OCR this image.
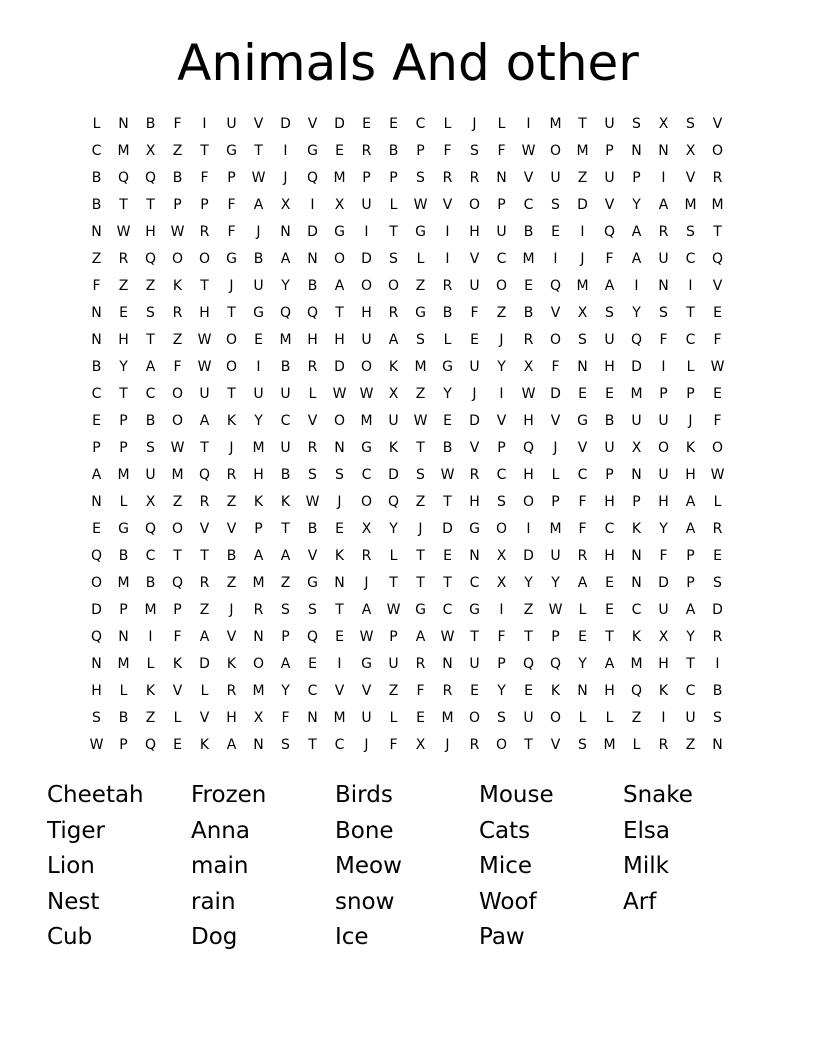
Animals And other
L	N	B	F	I	U	V	D	V	D	E	E	C	L	J	L	I	M	T	U	S	X	S	V
C	M	X	Z	T	G	T	I	G	E	R	B	P	F	S	F	W	O	M	P	N	N	X	O
B	Q	Q	B	F	P	W	J	Q	M	P	P	S	R	R	N	V	U	Z	U	P	I	V	R
B	T	T	P	P	F	A	X	I	X	U	L	W	V	O	P	C	S	D	V	Y	A	M	M
N	W	H	W	R	F	J	N	D	G	I	T	G	I	H	U	B	E	I	Q	A	R	S	T
Z	R	Q	O	O	G	B	A	N	O	D	S	L	I	V	C	M	I	J	F	A	U	C	Q
F	Z	Z	K	T	J	U	Y	B	A	O	O	Z	R	U	O	E	Q	M	A	I	N	I	V
N	E	S	R	H	T	G	Q	Q	T	H	R	G	B	F	Z	B	V	X	S	Y	S	T	E
N	H	T	Z	W	O	E	M	H	H	U	A	S	L	E	J	R	O	S	U	Q	F	C	F
B	Y	A	F	W	O	I	B	R	D	O	K	M	G	U	Y	X	F	N	H	D	I	L	W
C	T	C	O	U	T	U	U	L	W W	X	Z	Y	J	I	W	D	E	E	M	P	P	E
E	P	B	O	A	K	Y	C	V	O	M	U	W	E	D	V	H	V	G	B	U	U	J	F
P	P	S	W	T	J	M	U	R	N	G	K	T	B	V	P	Q	J	V	U	X	O	K	O
A	M	U	M	Q	R	H	B	S	S	C	D	S	W	R	C	H	L	C	P	N	U	H	W
N	L	X	Z	R	Z	K	K	W	J	O	Q	Z	T	H	S	O	P	F	H	P	H	A	L
E	G	Q	O	V	V	P	T	B	E	X	Y	J	D	G	O	I	M	F	C	K	Y	A	R
Q	B	C	T	T	B	A	A	V	K	R	L	T	E	N	X	D	U	R	H	N	F	P	E
O	M	B	Q	R	Z	M	Z	G	N	J	T	T	T	C	X	Y	Y	A	E	N	D	P	S
D	P	M	P	Z	J	R	S	S	T	A	W	G	C	G	I	Z	W	L	E	C	U	A	D
Q	N	I	F	A	V	N	P	Q	E	W	P	A	W	T	F	T	P	E	T	K	X	Y	R
N	M	L	K	D	K	O	A	E	I	G	U	R	N	U	P	Q	Q	Y	A	M	H	T	I
H	L	K	V	L	R	M	Y	C	V	V	Z	F	R	E	Y	E	K	N	H	Q	K	C	B
S	B	Z	L	V	H	X	F	N	M	U	L	E	M	O	S	U	O	L	L	Z	I	U	S
W	P	Q	E	K	A	N	S	T	C	J	F	X	J	R	O	T	V	S	M	L	R	Z	N
Cheetah	Frozen	Birds	Mouse	Snake
Tiger	Anna	Bone	Cats	Elsa
Lion	main	Meow	Mice	Milk
Nest	rain	snow	Woof	Arf
Cub	Dog	Ice	Paw
